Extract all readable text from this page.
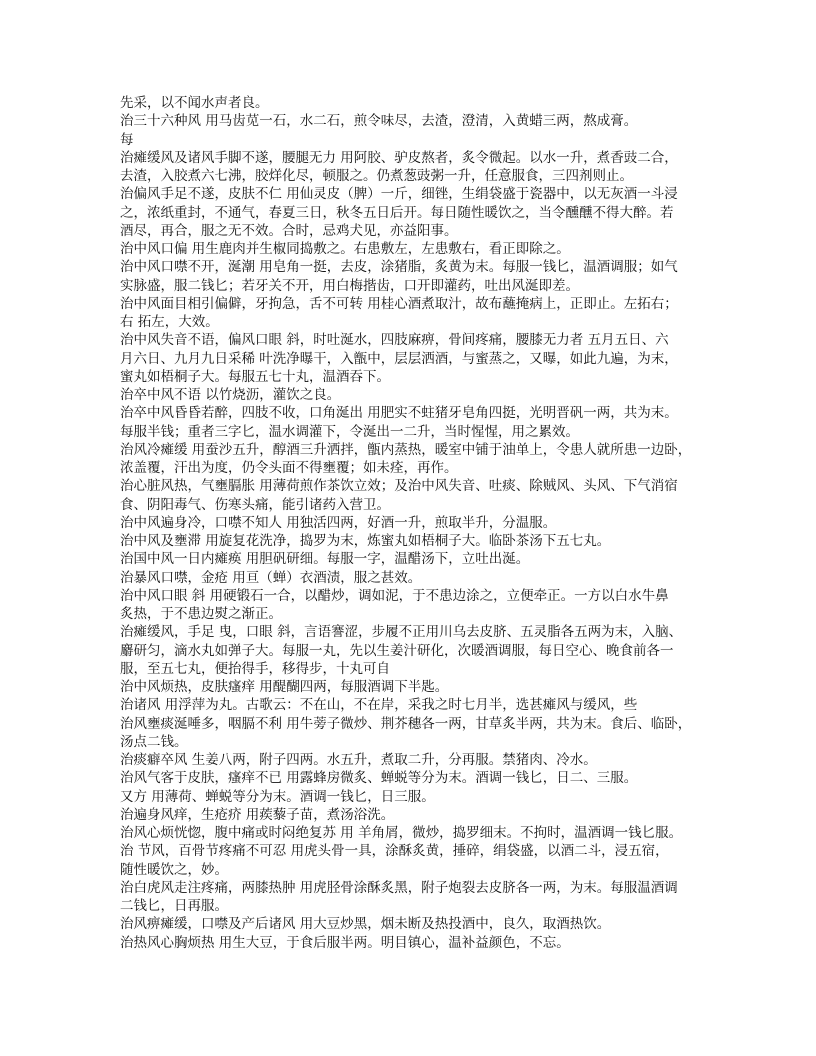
先采，以不闻水声者良。
治三十六种风 用马齿苋一石，水二石，煎令味尽，去渣，澄清，入黄蜡三两，熬成膏。
每
治瘫缓风及诸风手脚不遂，腰腿无力 用阿胶、驴皮熬者，炙令微起。以水一升，煮香豉二合，
去渣，入胶煮六七沸，胶烊化尽，顿服之。仍煮葱豉粥一升，任意服食，三四剂则止。
治偏风手足不遂，皮肤不仁 用仙灵皮（脾）一斤，细锉，生绢袋盛于瓷器中，以无灰酒一斗浸
之，浓纸重封，不通气，春夏三日，秋冬五日后开。每日随性暖饮之，当令醺醺不得大醉。若
酒尽，再合，服之无不效。合时，忌鸡犬见，亦益阳事。
治中风口偏 用生鹿肉并生椒同捣敷之。右患敷左，左患敷右，看正即除之。
治中风口噤不开，涎潮 用皂角一挺，去皮，涂猪脂，炙黄为末。每服一钱匕，温酒调服；如气
实脉盛，服二钱匕；若牙关不开，用白梅揩齿，口开即灌药，吐出风涎即差。
治中风面目相引偏僻，牙拘急，舌不可转 用桂心酒煮取汁，故布蘸掩病上，正即止。左拓右；
右 拓左，大效。
治中风失音不语，偏风口眼 斜，时吐涎水，四肢麻痹，骨间疼痛，腰膝无力者 五月五日、六
月六日、九月九日采稀 叶洗净曝干，入甑中，层层洒酒，与蜜蒸之，又曝，如此九遍，为末，
蜜丸如梧桐子大。每服五七十丸，温酒吞下。
治卒中风不语 以竹烧沥，灌饮之良。
治卒中风昏昏若醉，四肢不收，口角涎出 用肥实不蛀猪牙皂角四挺，光明晋矾一两，共为末。
每服半钱；重者三字匕，温水调灌下，令涎出一二升，当时惺惺，用之累效。
治风冷瘫缓 用蚕沙五升，醇酒三升洒拌，甑内蒸热，暖室中铺于油单上，令患人就所患一边卧，
浓盖覆，汗出为度，仍令头面不得壅覆；如未痊，再作。
治心脏风热，气壅膈胀 用薄荷煎作茶饮立效；及治中风失音、吐痰、除贼风、头风、下气消宿
食、阴阳毒气、伤寒头痛，能引诸药入营卫。
治中风遍身冷，口噤不知人 用独活四两，好酒一升，煎取半升，分温服。
治中风及壅滞 用旋复花洗净，捣罗为末，炼蜜丸如梧桐子大。临卧茶汤下五七丸。
治国中风一日内瘫痪 用胆矾研细。每服一字，温醋汤下，立吐出涎。
治暴风口噤，金疮 用亘（蝉）衣酒渍，服之甚效。
治中风口眼 斜 用硬锻石一合，以醋炒，调如泥，于不患边涂之，立便牵正。一方以白水牛鼻
炙热，于不患边熨之渐正。
治瘫缓风，手足 曳，口眼 斜，言语謇涩，步履不正用川乌去皮脐、五灵脂各五两为末，入脑、
麝研匀，滴水丸如弹子大。每服一丸，先以生姜汁研化，次暖酒调服，每日空心、晚食前各一
服，至五七丸，便抬得手，移得步，十丸可自
治中风烦热，皮肤瘙痒 用醍醐四两，每服酒调下半匙。
治诸风 用浮萍为丸。古歌云：不在山，不在岸，采我之时七月半，选甚瘫风与缓风，些
治风壅痰涎唾多，咽膈不利 用牛蒡子微炒、荆芥穗各一两，甘草炙半两，共为末。食后、临卧，
汤点二钱。
治痰癖卒风 生姜八两，附子四两。水五升，煮取二升，分再服。禁猪肉、冷水。
治风气客于皮肤，瘙痒不已 用露蜂房微炙、蝉蜕等分为末。酒调一钱匕，日二、三服。
又方 用薄荷、蝉蜕等分为末。酒调一钱匕，日三服。
治遍身风痒，生疮疥 用蒺藜子苗，煮汤浴洗。
治风心烦恍惚，腹中痛或时闷绝复苏 用 羊角屑，微炒，捣罗细末。不拘时，温酒调一钱匕服。
治 节风，百骨节疼痛不可忍 用虎头骨一具，涂酥炙黄，捶碎，绢袋盛，以酒二斗，浸五宿，
随性暖饮之，妙。
治白虎风走注疼痛，两膝热肿 用虎胫骨涂酥炙黑，附子炮裂去皮脐各一两，为末。每服温酒调
二钱匕，日再服。
治风痹瘫缓，口噤及产后诸风 用大豆炒黑，烟未断及热投酒中，良久，取酒热饮。
治热风心胸烦热 用生大豆，于食后服半两。明目镇心，温补益颜色，不忘。
